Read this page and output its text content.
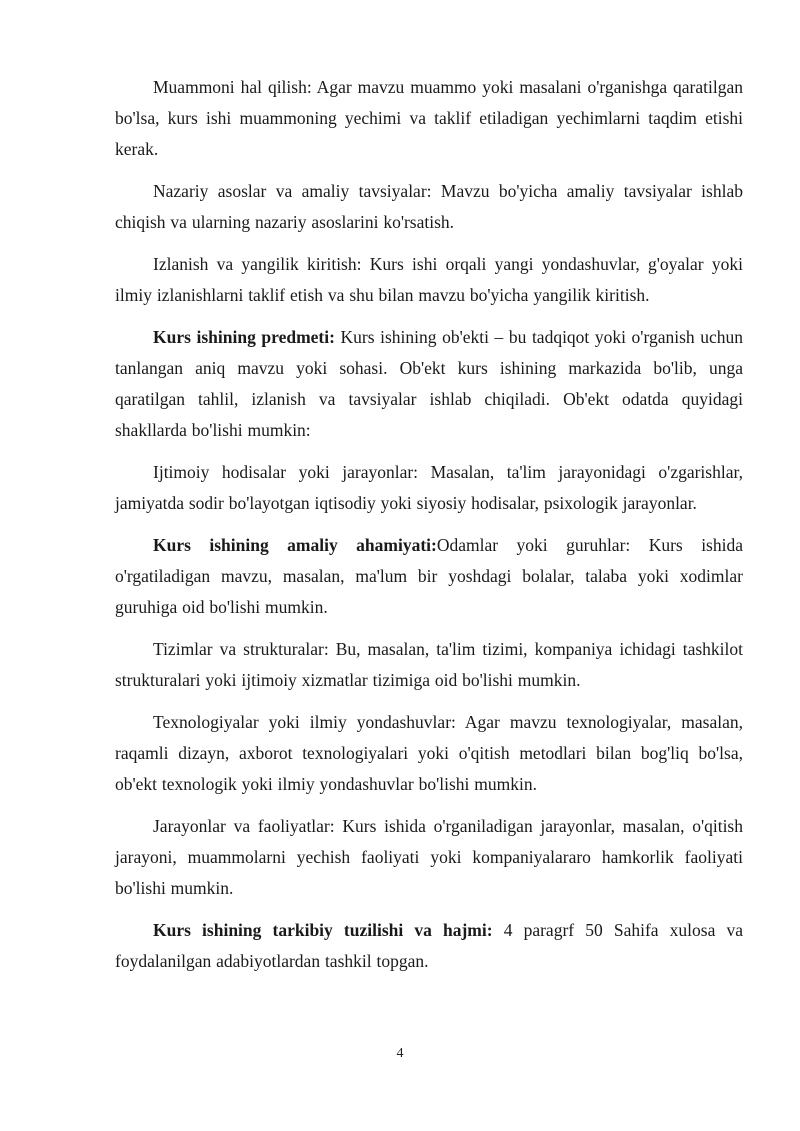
Muammoni hal qilish: Agar mavzu muammo yoki masalani o'rganishga qaratilgan bo'lsa, kurs ishi muammoning yechimi va taklif etiladigan yechimlarni taqdim etishi kerak.

Nazariy asoslar va amaliy tavsiyalar: Mavzu bo'yicha amaliy tavsiyalar ishlab chiqish va ularning nazariy asoslarini ko'rsatish.

Izlanish va yangilik kiritish: Kurs ishi orqali yangi yondashuvlar, g'oyalar yoki ilmiy izlanishlarni taklif etish va shu bilan mavzu bo'yicha yangilik kiritish.

Kurs ishining predmeti: Kurs ishining ob'ekti – bu tadqiqot yoki o'rganish uchun tanlangan aniq mavzu yoki sohasi. Ob'ekt kurs ishining markazida bo'lib, unga qaratilgan tahlil, izlanish va tavsiyalar ishlab chiqiladi. Ob'ekt odatda quyidagi shakllarda bo'lishi mumkin:

Ijtimoiy hodisalar yoki jarayonlar: Masalan, ta'lim jarayonidagi o'zgarishlar, jamiyatda sodir bo'layotgan iqtisodiy yoki siyosiy hodisalar, psixologik jarayonlar.

Kurs ishining amaliy ahamiyati:Odamlar yoki guruhlar: Kurs ishida o'rgatiladigan mavzu, masalan, ma'lum bir yoshdagi bolalar, talaba yoki xodimlar guruhiga oid bo'lishi mumkin.

Tizimlar va strukturalar: Bu, masalan, ta'lim tizimi, kompaniya ichidagi tashkilot strukturalari yoki ijtimoiy xizmatlar tizimiga oid bo'lishi mumkin.

Texnologiyalar yoki ilmiy yondashuvlar: Agar mavzu texnologiyalar, masalan, raqamli dizayn, axborot texnologiyalari yoki o'qitish metodlari bilan bog'liq bo'lsa, ob'ekt texnologik yoki ilmiy yondashuvlar bo'lishi mumkin.

Jarayonlar va faoliyatlar: Kurs ishida o'rganiladigan jarayonlar, masalan, o'qitish jarayoni, muammolarni yechish faoliyati yoki kompaniyalararo hamkorlik faoliyati bo'lishi mumkin.

Kurs ishining tarkibiy tuzilishi va hajmi: 4 paragrf 50 Sahifa xulosa va foydalanilgan adabiyotlardan tashkil topgan.

4
